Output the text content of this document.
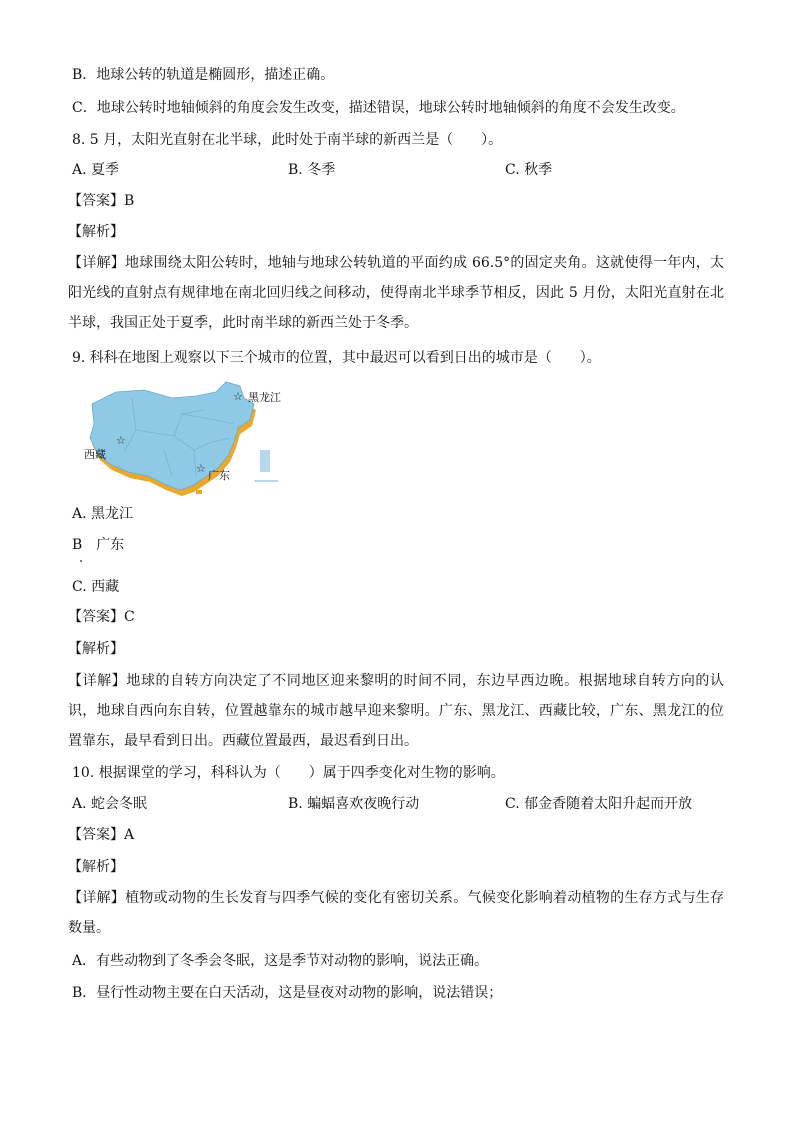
B．地球公转的轨道是椭圆形，描述正确。
C．地球公转时地轴倾斜的角度会发生改变，描述错误，地球公转时地轴倾斜的角度不会发生改变。
8. 5 月，太阳光直射在北半球，此时处于南半球的新西兰是（　　）。
A. 夏季	B. 冬季	C. 秋季
【答案】B
【解析】
【详解】地球围绕太阳公转时，地轴与地球公转轨道的平面约成 66.5°的固定夹角。这就使得一年内，太阳光线的直射点有规律地在南北回归线之间移动，使得南北半球季节相反，因此 5 月份，太阳光直射在北半球，我国正处于夏季，此时南半球的新西兰处于冬季。
9. 科科在地图上观察以下三个城市的位置，其中最迟可以看到日出的城市是（　　）。
☆
☆
☆
黑龙江
西藏
广东
A. 黑龙江
B　广东
C. 西藏
【答案】C
【解析】
【详解】地球的自转方向决定了不同地区迎来黎明的时间不同，东边早西边晚。根据地球自转方向的认识，地球自西向东自转，位置越靠东的城市越早迎来黎明。广东、黑龙江、西藏比较，广东、黑龙江的位置靠东，最早看到日出。西藏位置最西，最迟看到日出。
10. 根据课堂的学习，科科认为（　　）属于四季变化对生物的影响。
A. 蛇会冬眠	B. 蝙蝠喜欢夜晚行动	C. 郁金香随着太阳升起而开放
【答案】A
【解析】
【详解】植物或动物的生长发育与四季气候的变化有密切关系。气候变化影响着动植物的生存方式与生存数量。
A．有些动物到了冬季会冬眠，这是季节对动物的影响，说法正确。
B．昼行性动物主要在白天活动，这是昼夜对动物的影响，说法错误；
